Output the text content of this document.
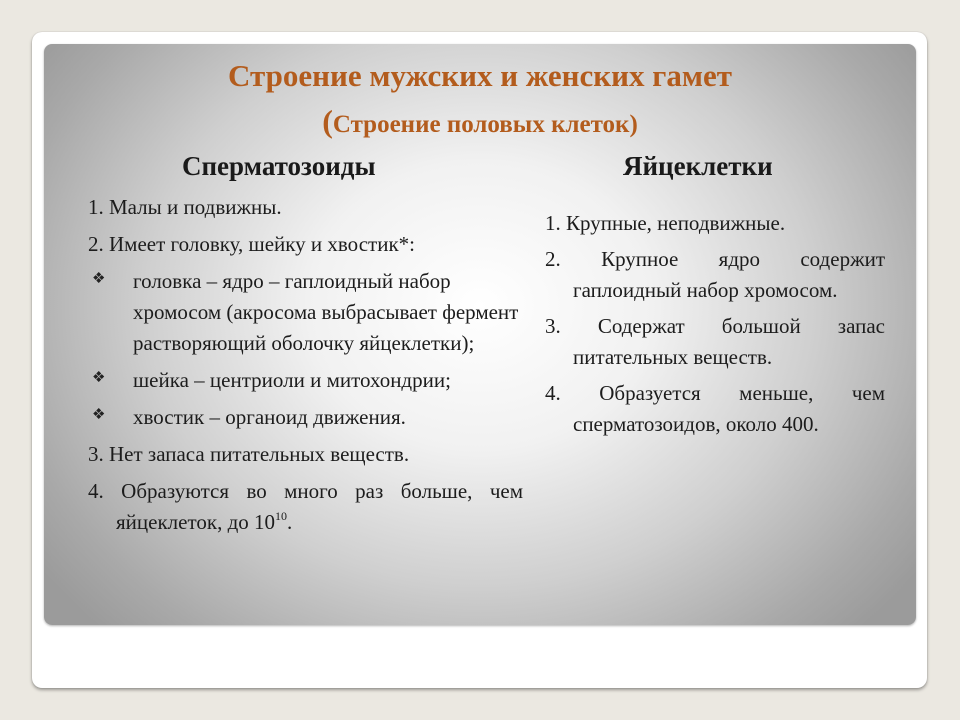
Строение мужских и женских гамет
(Строение половых клеток)
Сперматозоиды	Яйцеклетки

1. Малы и подвижны.

2. Имеет головку, шейку и хвостик*:

❖ головка – ядро – гаплоидный набор хромосом (акросома выбрасывает фермент растворяющий оболочку яйцеклетки);
❖ шейка – центриоли и митохондрии;
❖ хвостик – органоид движения.

3. Нет запаса питательных веществ.

4. Образуются во много раз больше, чем яйцеклеток, до $10^{10}$.

1. Крупные, неподвижные.

2. Крупное ядро содержит гаплоидный набор хромосом.

3. Содержат большой запас питательных веществ.

4. Образуется меньше, чем сперматозоидов, около 400.
